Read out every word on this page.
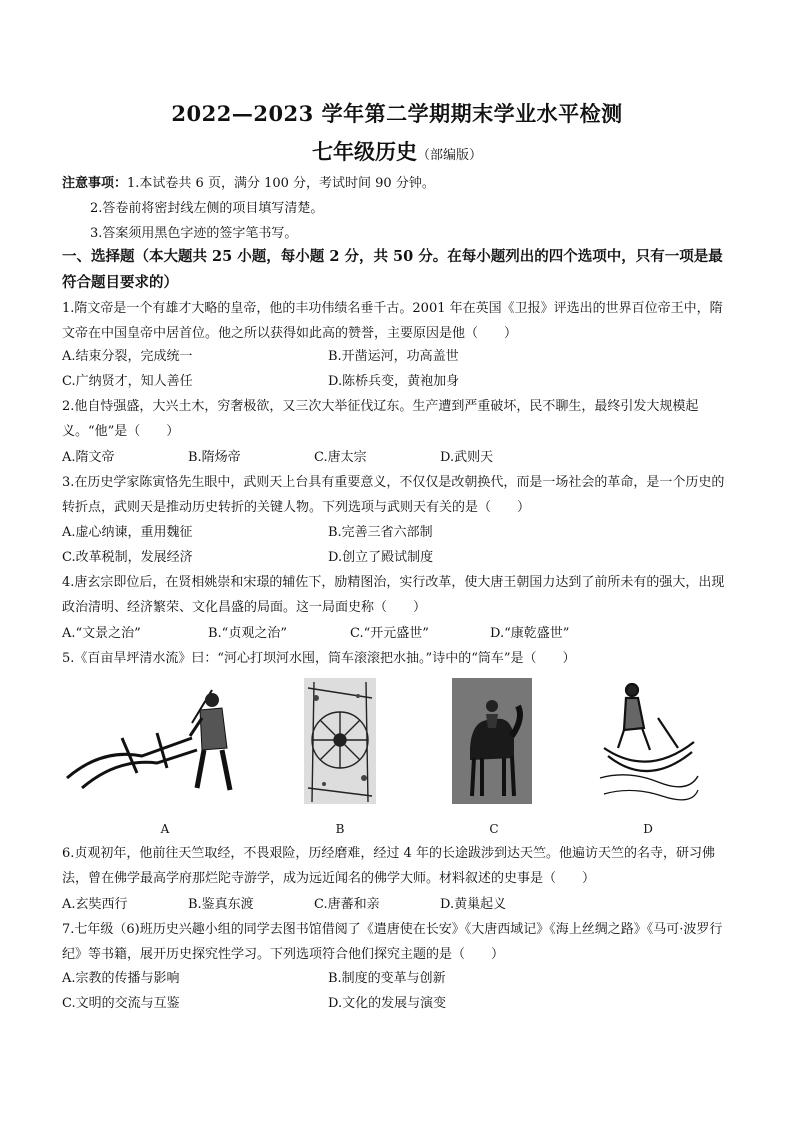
2022—2023 学年第二学期期末学业水平检测
七年级历史（部编版）
注意事项：1.本试卷共 6 页，满分 100 分，考试时间 90 分钟。
2.答卷前将密封线左侧的项目填写清楚。
3.答案须用黑色字迹的签字笔书写。
一、选择题（本大题共 25 小题，每小题 2 分，共 50 分。在每小题列出的四个选项中，只有一项是最符合题目要求的）
1.隋文帝是一个有雄才大略的皇帝，他的丰功伟绩名垂千古。2001 年在英国《卫报》评选出的世界百位帝王中，隋文帝在中国皇帝中居首位。他之所以获得如此高的赞誉，主要原因是他（　　）
A.结束分裂，完成统一	B.开凿运河，功高盖世
C.广纳贤才，知人善任	D.陈桥兵变，黄袍加身
2.他自恃强盛，大兴土木，穷奢极欲，又三次大举征伐辽东。生产遭到严重破坏，民不聊生，最终引发大规模起义。“他”是（　　）
A.隋文帝	B.隋炀帝	C.唐太宗	D.武则天
3.在历史学家陈寅恪先生眼中，武则天上台具有重要意义，不仅仅是改朝换代，而是一场社会的革命，是一个历史的转折点，武则天是推动历史转折的关键人物。下列选项与武则天有关的是（　　）
A.虚心纳谏，重用魏征	B.完善三省六部制
C.改革税制，发展经济	D.创立了殿试制度
4.唐玄宗即位后，在贤相姚崇和宋璟的辅佐下，励精图治，实行改革，使大唐王朝国力达到了前所未有的强大，出现政治清明、经济繁荣、文化昌盛的局面。这一局面史称（　　）
A.“文景之治”	B.“贞观之治”	C.“开元盛世”	D.“康乾盛世”
5.《百亩旱坪清水流》曰：“河心打坝河水囤，筒车滚滚把水抽。”诗中的“筒车”是（　　）
A	B	C	D
6.贞观初年，他前往天竺取经，不畏艰险，历经磨难，经过 4 年的长途跋涉到达天竺。他遍访天竺的名寺，研习佛法，曾在佛学最高学府那烂陀寺游学，成为远近闻名的佛学大师。材料叙述的史事是（　　）
A.玄奘西行	B.鉴真东渡	C.唐蕃和亲	D.黄巢起义
7.七年级（6)班历史兴趣小组的同学去图书馆借阅了《遣唐使在长安》《大唐西域记》《海上丝绸之路》《马可·波罗行纪》等书籍，展开历史探究性学习。下列选项符合他们探究主题的是（　　）
A.宗教的传播与影响	B.制度的变革与创新
C.文明的交流与互鉴	D.文化的发展与演变
